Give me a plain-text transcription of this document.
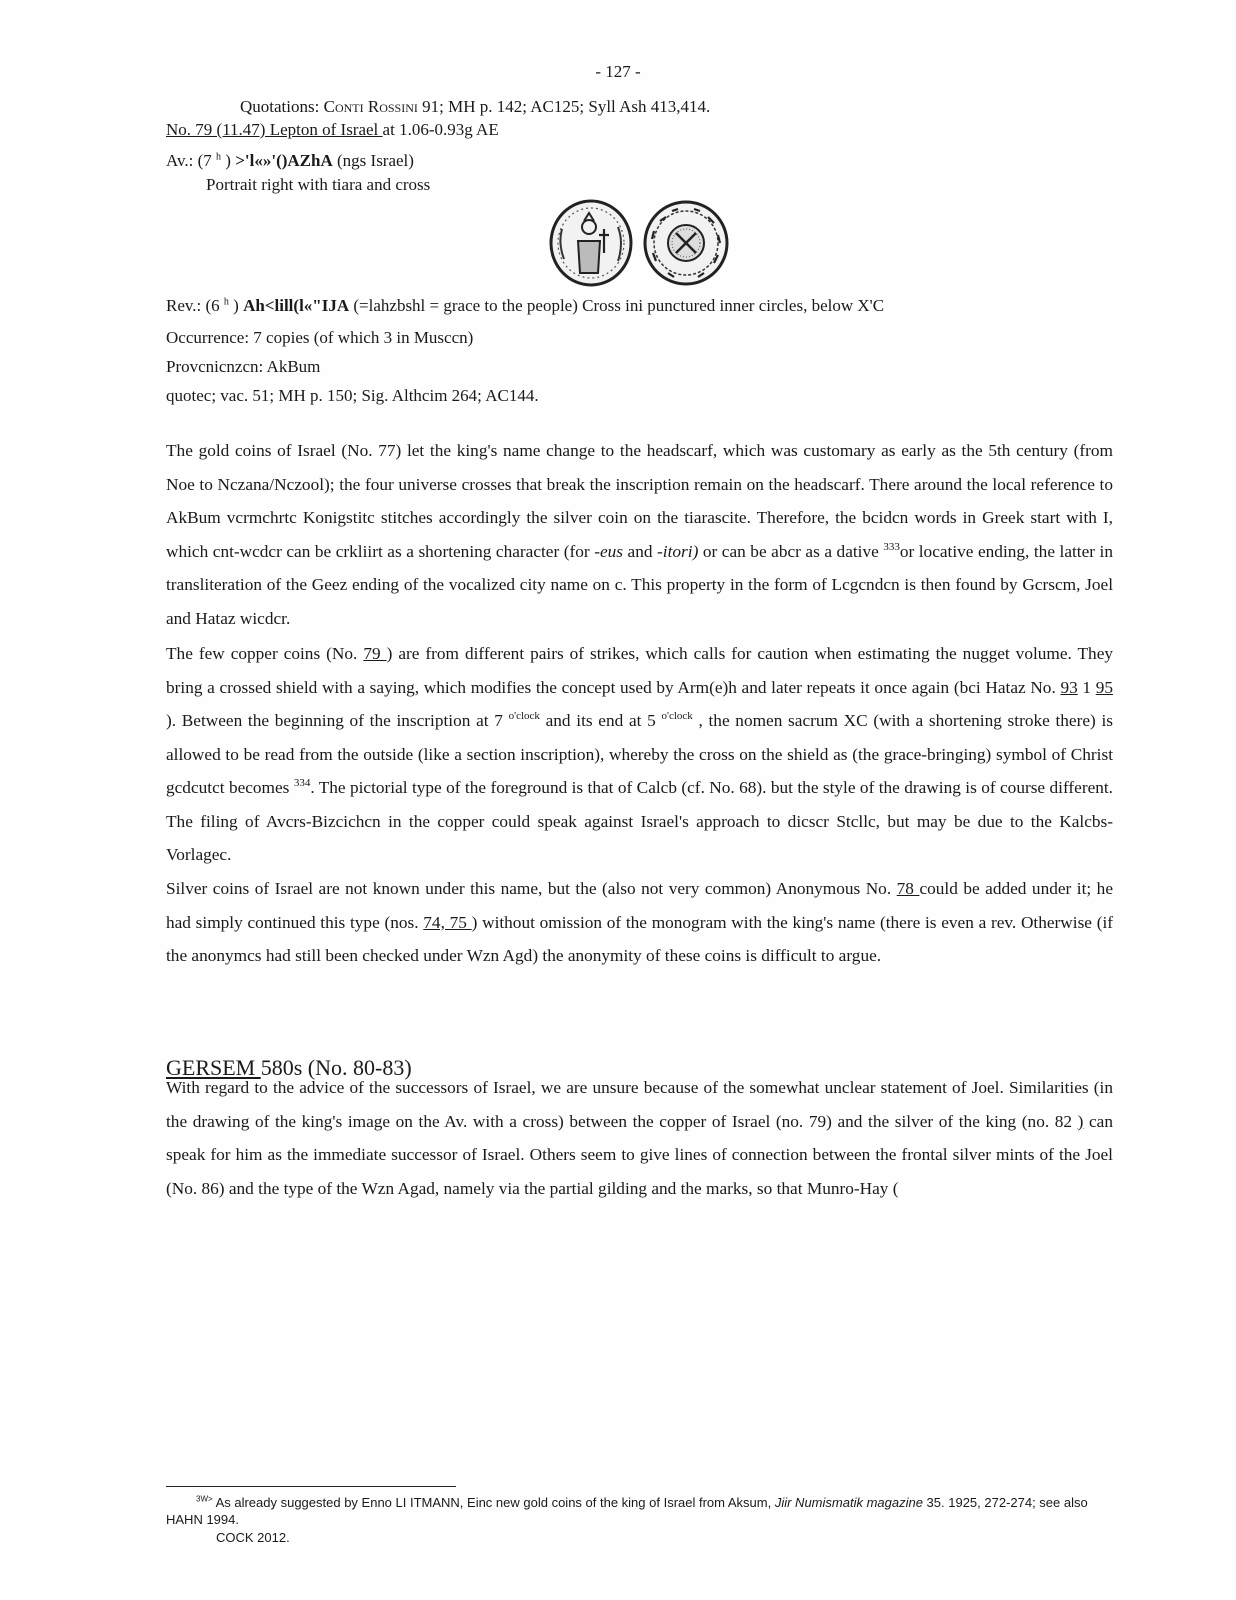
- 127 -
Quotations: CONTI ROSSINI 91; MH p. 142; AC125; Syll Ash 413,414.
No. 79 (11.47) Lepton of Israel at 1.06-0.93g AE
Av.: (7 $^h$ ) >'l«»'()AZhA (ngs Israel)
Portrait right with tiara and cross
Rev.: (6 $^h$ ) Ah<lill(l«"IJA (=lahzbshl = grace to the people) Cross ini punctured inner circles, below X'C
Occurrence: 7 copies (of which 3 in Musccn)
Provcnicnzcn: AkBum
quotec; vac. 51; MH p. 150; Sig. Althcim 264; AC144.
The gold coins of Israel (No. 77) let the king's name change to the headscarf, which was customary as early as the 5th century (from Noe to Nczana/Nczool); the four universe crosses that break the inscription remain on the headscarf. There around the local reference to AkBum vcrmchrtc Konigstitc stitches accordingly the silver coin on the tiarascite. Therefore, the bcidcn words in Greek start with I, which cnt-wcdcr can be crkliirt as a shortening character (for -eus and -itori) or can be abcr as a dative $^{333}$or locative ending, the latter in transliteration of the Geez ending of the vocalized city name on c. This property in the form of Lcgcndcn is then found by Gcrscm, Joel and Hataz wicdcr.
The few copper coins (No. 79 ) are from different pairs of strikes, which calls for caution when estimating the nugget volume. They bring a crossed shield with a saying, which modifies the concept used by Arm(e)h and later repeats it once again (bci Hataz No. 93 1 95 ). Between the beginning of the inscription at 7 $^{o'clock}$ and its end at 5 $^{o'clock}$ , the nomen sacrum XC (with a shortening stroke there) is allowed to be read from the outside (like a section inscription), whereby the cross on the shield as (the grace-bringing) symbol of Christ gcdcutct becomes $^{334}$. The pictorial type of the foreground is that of Calcb (cf. No. 68). but the style of the drawing is of course different. The filing of Avcrs-Bizcichcn in the copper could speak against Israel's approach to dicscr Stcllc, but may be due to the Kalcbs-Vorlagec.
Silver coins of Israel are not known under this name, but the (also not very common) Anonymous No. 78 could be added under it; he had simply continued this type (nos. 74, 75 ) without omission of the monogram with the king's name (there is even a rev. Otherwise (if the anonymcs had still been checked under Wzn Agd) the anonymity of these coins is difficult to argue.
GERSEM 580s (No. 80-83)
With regard to the advice of the successors of Israel, we are unsure because of the somewhat unclear statement of Joel. Similarities (in the drawing of the king's image on the Av. with a cross) between the copper of Israel (no. 79) and the silver of the king (no. 82 ) can speak for him as the immediate successor of Israel. Others seem to give lines of connection between the frontal silver mints of the Joel (No. 86) and the type of the Wzn Agad, namely via the partial gilding and the marks, so that Munro-Hay (
$^{3W>}$ As already suggested by Enno LI ITMANN, Einc new gold coins of the king of Israel from Aksum, Jiir Numismatik magazine 35. 1925, 272-274; see also HAHN 1994.
COCK 2012.
